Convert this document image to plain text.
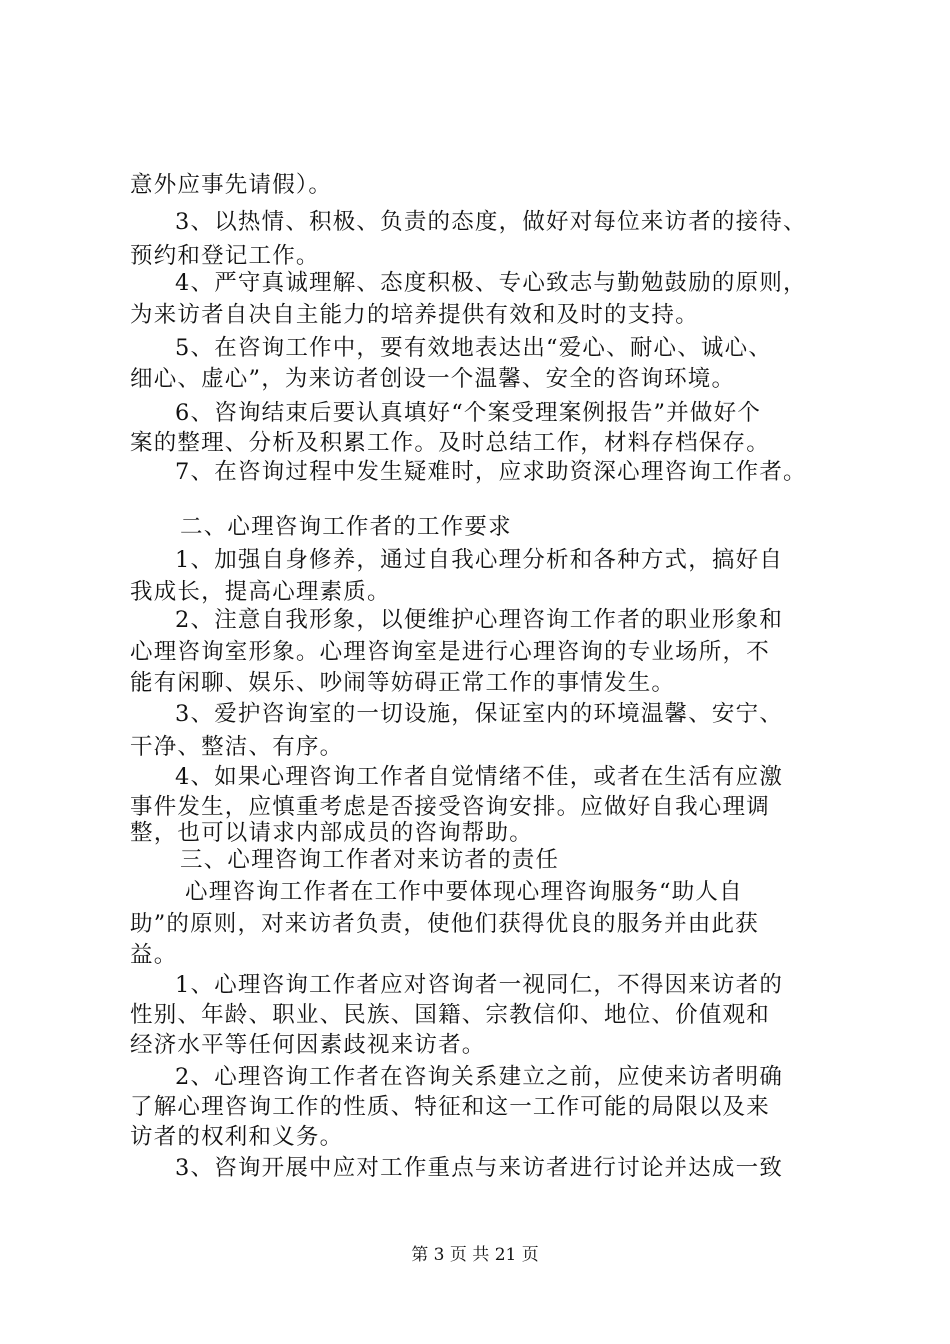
意外应事先请假）。
3、以热情、积极、负责的态度，做好对每位来访者的接待、
预约和登记工作。
4、严守真诚理解、态度积极、专心致志与勤勉鼓励的原则，
为来访者自决自主能力的培养提供有效和及时的支持。
5、在咨询工作中，要有效地表达出“爱心、耐心、诚心、
细心、虚心”，为来访者创设一个温馨、安全的咨询环境。
6、咨询结束后要认真填好“个案受理案例报告”并做好个
案的整理、分析及积累工作。及时总结工作，材料存档保存。
7、在咨询过程中发生疑难时，应求助资深心理咨询工作者。
二、心理咨询工作者的工作要求
1、加强自身修养，通过自我心理分析和各种方式，搞好自
我成长，提高心理素质。
2、注意自我形象，以便维护心理咨询工作者的职业形象和
心理咨询室形象。心理咨询室是进行心理咨询的专业场所，不
能有闲聊、娱乐、吵闹等妨碍正常工作的事情发生。
3、爱护咨询室的一切设施，保证室内的环境温馨、安宁、
干净、整洁、有序。
4、如果心理咨询工作者自觉情绪不佳，或者在生活有应激
事件发生，应慎重考虑是否接受咨询安排。应做好自我心理调
整，也可以请求内部成员的咨询帮助。
三、心理咨询工作者对来访者的责任
心理咨询工作者在工作中要体现心理咨询服务“助人自
助”的原则，对来访者负责，使他们获得优良的服务并由此获
益。
1、心理咨询工作者应对咨询者一视同仁，不得因来访者的
性别、年龄、职业、民族、国籍、宗教信仰、地位、价值观和
经济水平等任何因素歧视来访者。
2、心理咨询工作者在咨询关系建立之前，应使来访者明确
了解心理咨询工作的性质、特征和这一工作可能的局限以及来
访者的权利和义务。
3、咨询开展中应对工作重点与来访者进行讨论并达成一致
第 3 页 共 21 页
